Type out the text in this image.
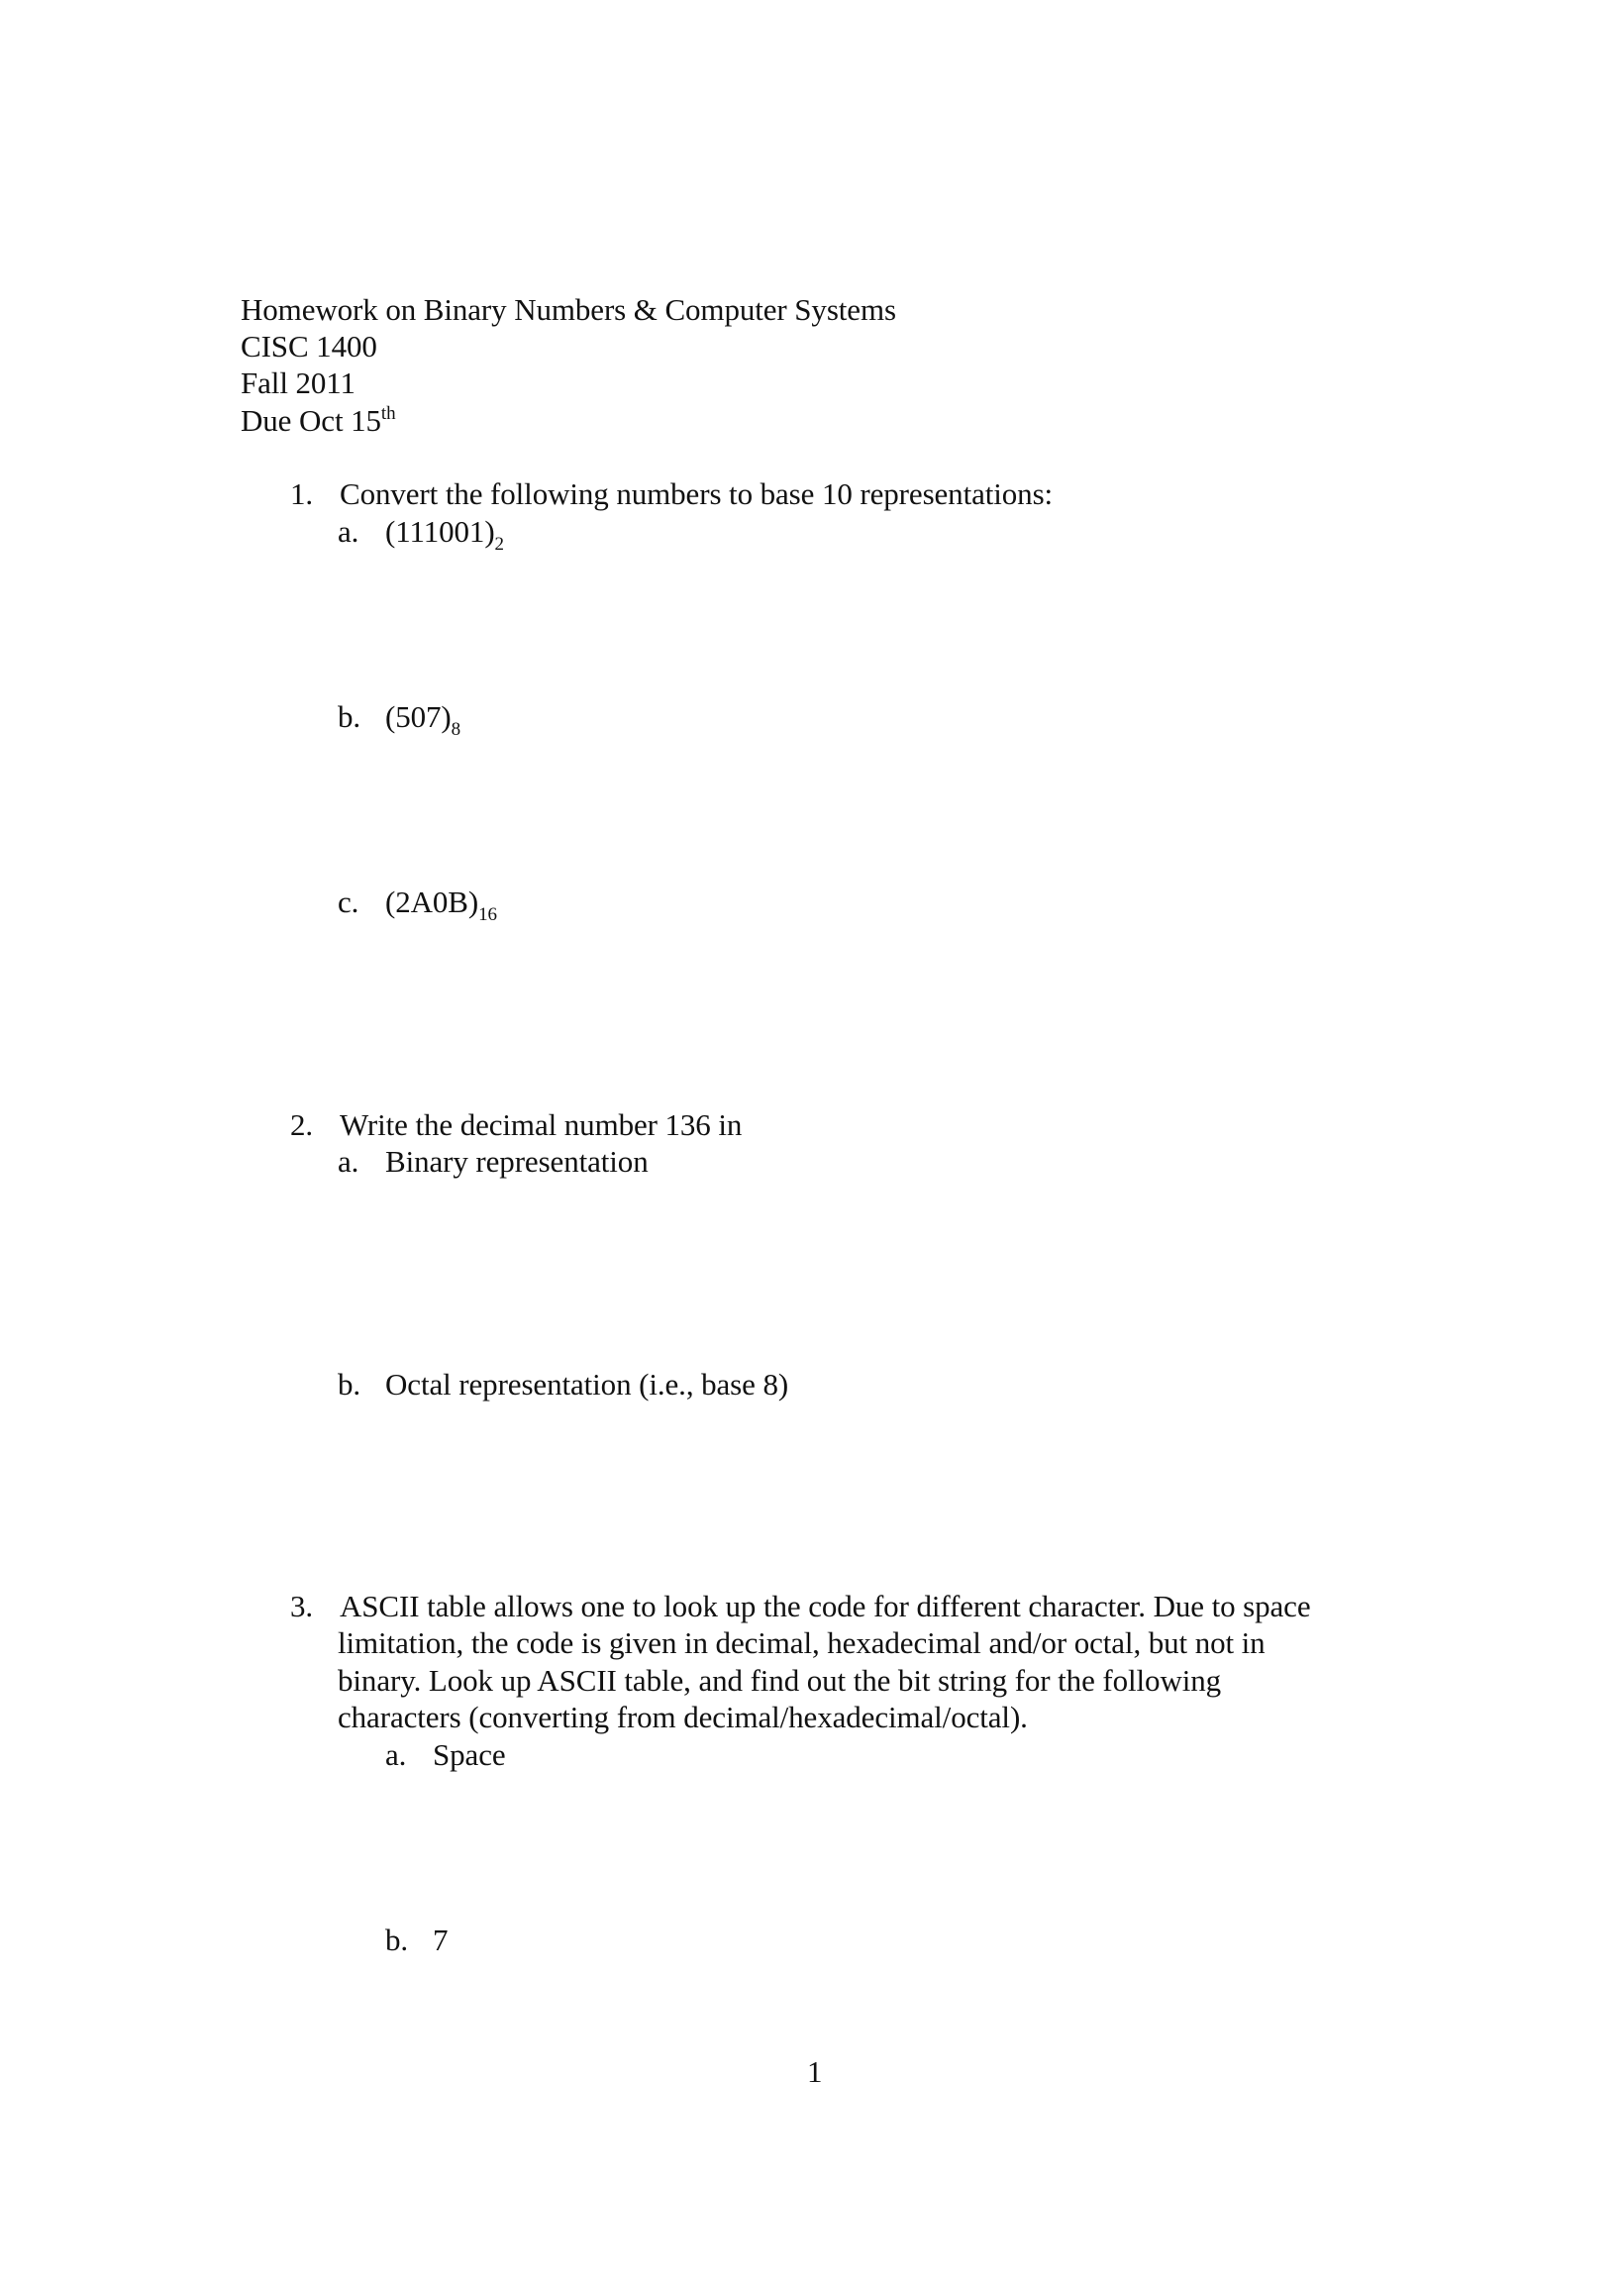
Homework on Binary Numbers & Computer Systems
CISC 1400
Fall 2011
Due Oct 15th
1. Convert the following numbers to base 10 representations:
a. $(111001)_2$
b. $(507)_8$
c. $(2A0B)_{16}$
2. Write the decimal number 136 in
a. Binary representation
b. Octal representation (i.e., base 8)
3. ASCII table allows one to look up the code for different character. Due to space
limitation, the code is given in decimal, hexadecimal and/or octal, but not in
binary. Look up ASCII table, and find out the bit string for the following
characters (converting from decimal/hexadecimal/octal).
a. Space
b. 7
1
